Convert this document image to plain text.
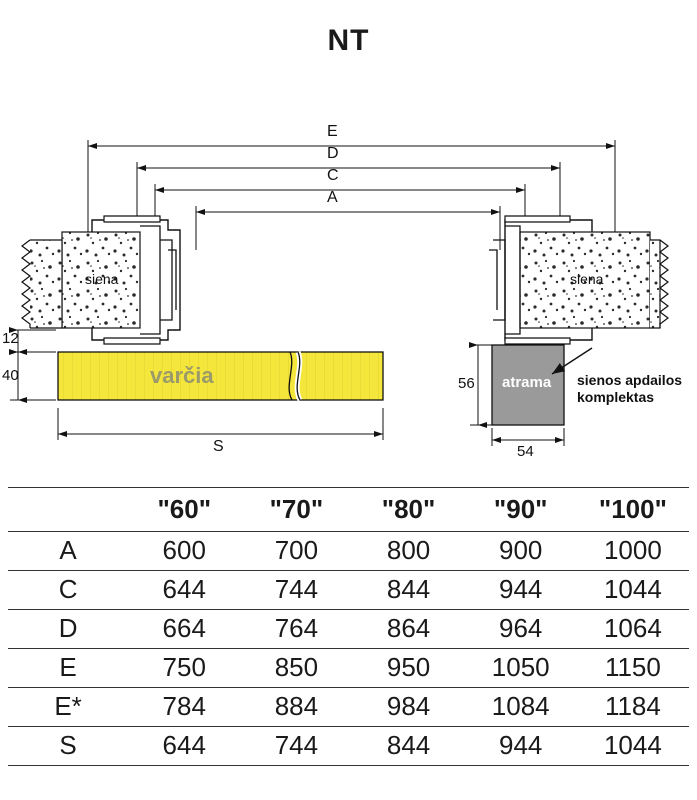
NT
E
D
C
A
siena	siena
varčia	atrama sienos apdailos
komplektas
12
40	56
S	54
	"60"	"70"	"80"	"90"	"100"
A	600	700	800	900	1000
C	644	744	844	944	1044
D	664	764	864	964	1064
E	750	850	950	1050	1150
E*	784	884	984	1084	1184
S	644	744	844	944	1044
